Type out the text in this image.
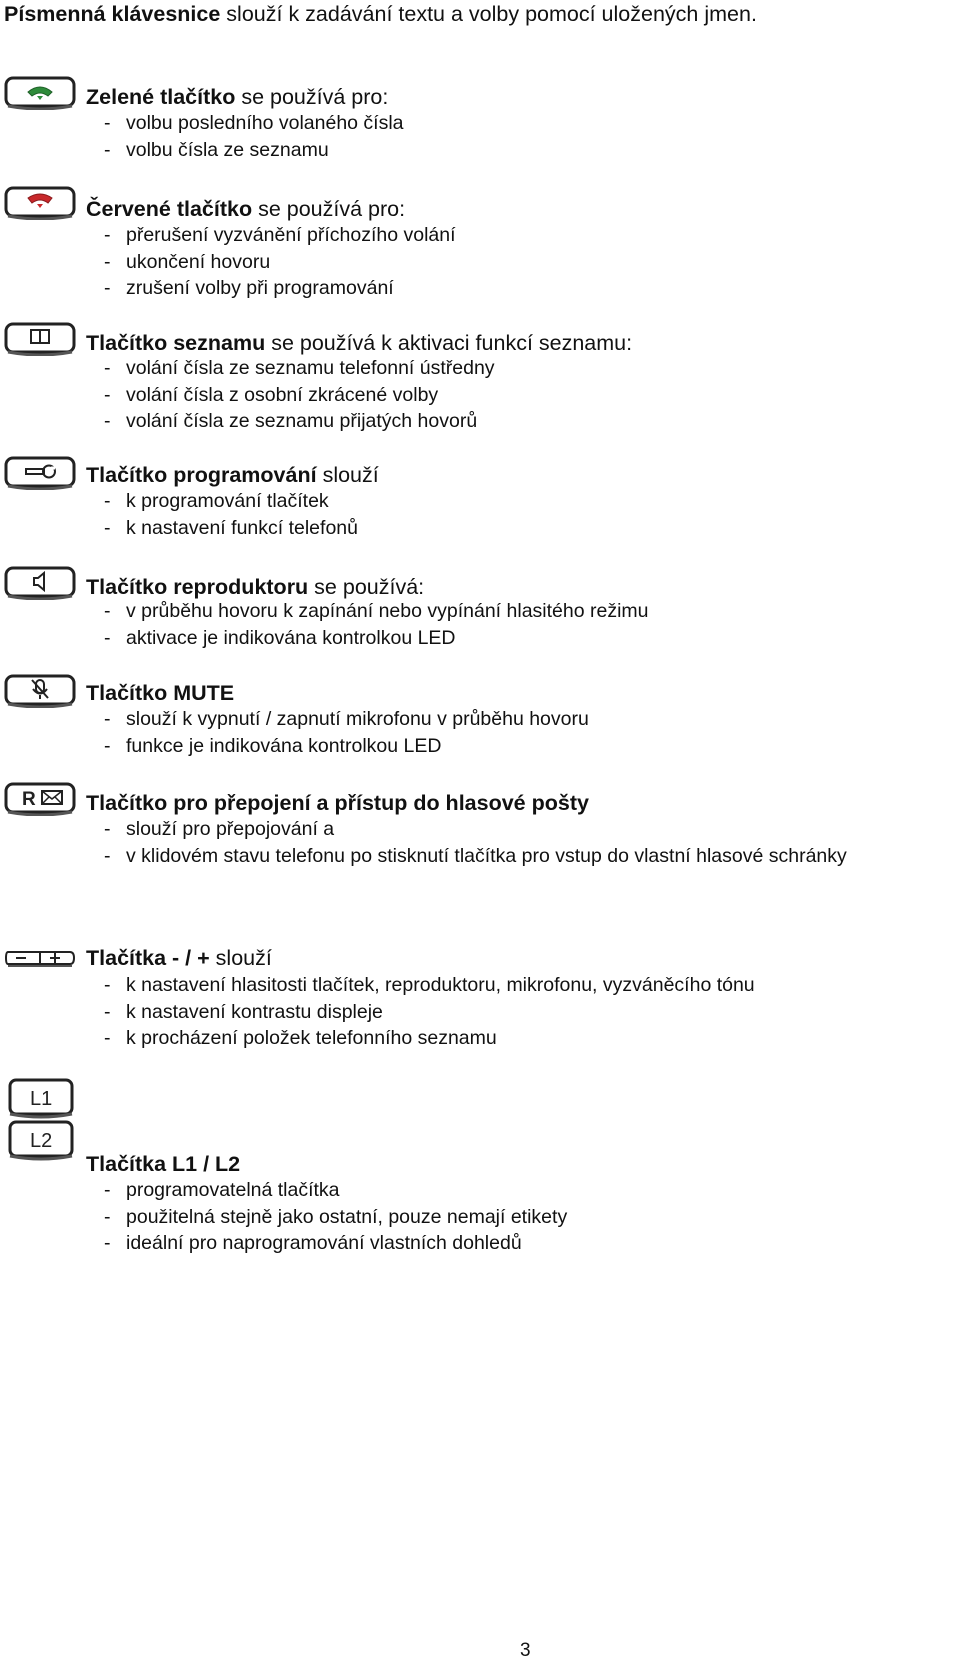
Písmenná klávesnice slouží k zadávání textu a volby pomocí uložených jmen.
Zelené tlačítko se používá pro:
- volbu posledního volaného čísla
- volbu čísla ze seznamu
Červené tlačítko se používá pro:
- přerušení vyzvánění příchozího volání
- ukončení hovoru
- zrušení volby při programování
Tlačítko seznamu se používá k aktivaci funkcí seznamu:
- volání čísla ze seznamu telefonní ústředny
- volání čísla z osobní zkrácené volby
- volání čísla ze seznamu přijatých hovorů
Tlačítko programování slouží
- k programování tlačítek
- k nastavení funkcí telefonů
Tlačítko reproduktoru se používá:
- v průběhu hovoru k zapínání nebo vypínání hlasitého režimu
- aktivace je indikována kontrolkou LED
Tlačítko MUTE
- slouží k vypnutí / zapnutí mikrofonu v průběhu hovoru
- funkce je indikována kontrolkou LED
R Tlačítko pro přepojení a přístup do hlasové pošty
- slouží pro přepojování a
- v klidovém stavu telefonu po stisknutí tlačítka pro vstup do vlastní hlasové schránky
Tlačítka - / + slouží
- k nastavení hlasitosti tlačítek, reproduktoru, mikrofonu, vyzváněcího tónu
- k nastavení kontrastu displeje
- k procházení položek telefonního seznamu
L1
L2
Tlačítka L1 / L2
- programovatelná tlačítka
- použitelná stejně jako ostatní, pouze nemají etikety
- ideální pro naprogramování vlastních dohledů
3
